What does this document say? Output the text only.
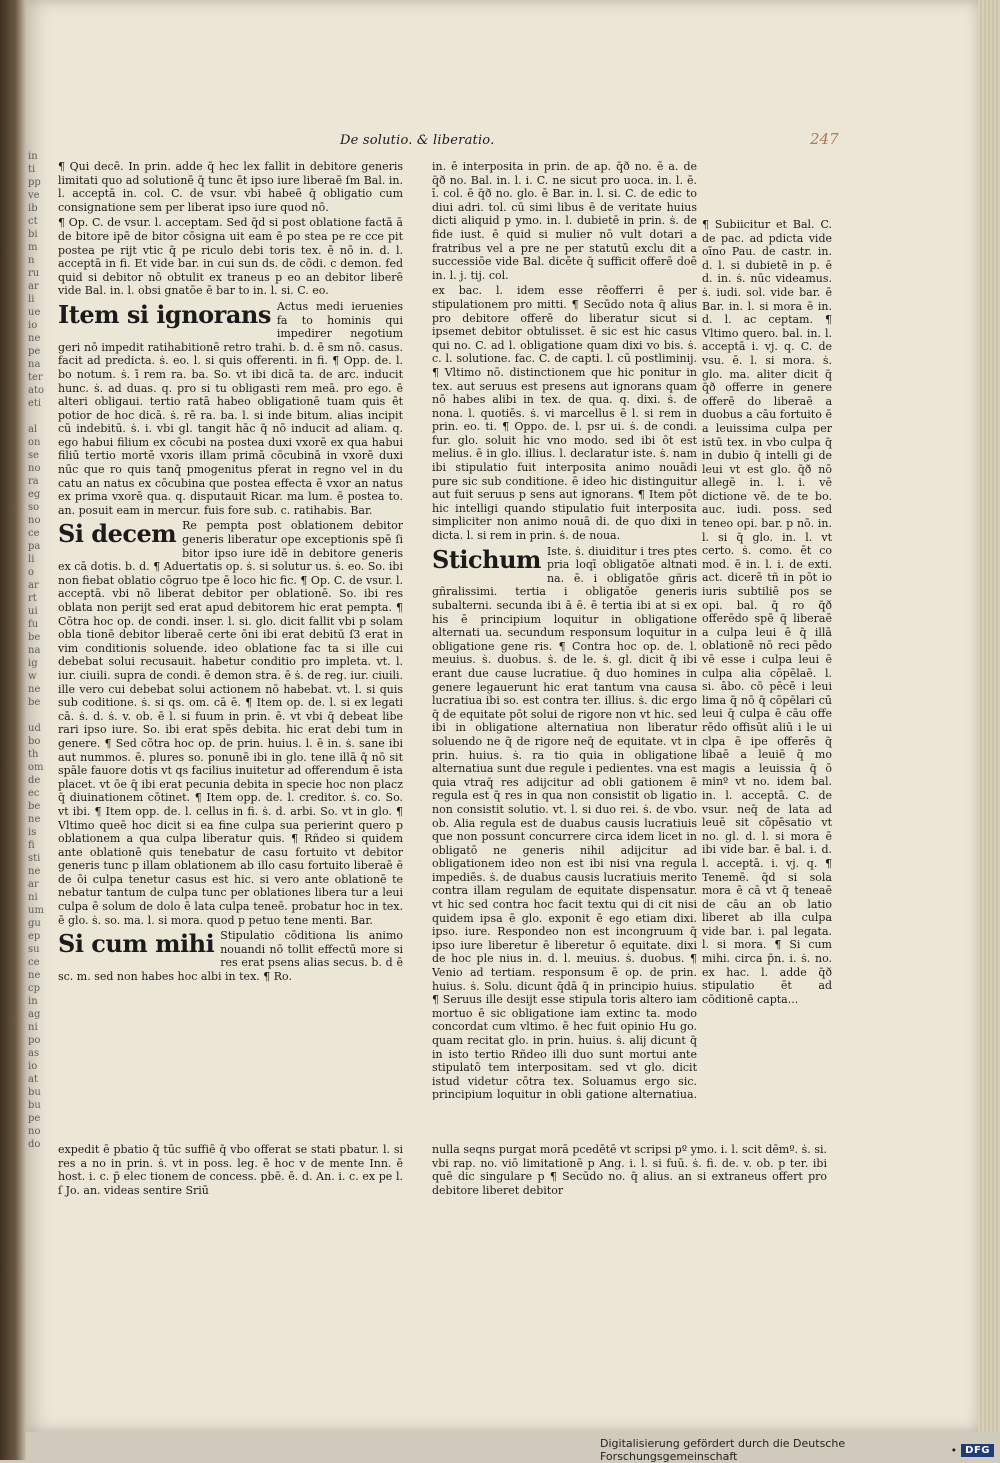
in
ti
pp
ve
ib
ct
bi
m
n
ru
ar
li
ue
io
ne
pe
na
ter
ato
eti

al
on
se
no
ra
eg
so
no
ce
pa
li
o
ar
rt
ui
fu
be
na
ig
w
ne
be

ud
bo
th
om
de
ec
be
ne
is
fi
sti
ne
ar
ni
um
gu
ep
su
ce
ne
cp
in
ag
ni
po
as
io
at
bu
bu
pe
no
do
De solutio. & liberatio.	247

¶ Qui decē. In prin. adde q̄ hec lex fallit in debitore generis limitati quo ad solutionē q̄ tunc ēt ipso iure liberaē ſm Bal. in. l. acceptā in. col. C. de vsur. vbi habeē q̄ obligatio cum consignatione sem per liberat ipso iure quod nō.

¶ Op. C. de vsur. l. acceptam. Sed q̄d si post oblatione factā ā de bitore ipē de bitor cōsigna uit eam ē po stea pe re cce pit postea pe rijt vtic q̄ pe riculo debi toris tex. ē nō in. d. l. acceptā in fi. Et vide bar. in cui sun ds. de cōdi. c demon. fed quid si debitor nō obtulit ex traneus p eo an debitor liberē vide Bal. in. l. obsi gnatōe ē bar to in. l. si. C. eo.

Item si ignorans Actus medi ieruenies fa to hominis qui impedirer negotium geri nō impedit ratihabitionē retro trahi. b. d. ē sm nō. casus. facit ad predicta. ṡ. eo. l. si quis offerenti. in fi. ¶ Opp. de. l. bo notum. ṡ. ī rem ra. ba. So. vt ibi dicā ta. de arc. inducit hunc. ṡ. ad duas. q. pro si tu obligasti rem meā. pro ego. ē alteri obligaui. tertio ratā habeo obligationē tuam quis ēt potior de hoc dicā. ṡ. rē ra. ba. l. si inde bitum. alias incipit cū indebitū. ṡ. i. vbi gl. tangit hāc q̄ nō inducit ad aliam. q. ego habui filium ex cōcubi na postea duxi vxorē ex qua habui filiū tertio mortē vxoris illam primā cōcubinā in vxorē duxi nūc que ro quis tanq̄ pmogenitus pferat in regno vel in du catu an natus ex cōcubina que postea effecta ē vxor an natus ex prima vxorē qua. q. disputauit Ricar. ma lum. ē postea to. an. posuit eam in mercur. fuis fore sub. c. ratihabis. Bar.

Si decem Re pempta post oblationem debitor generis liberatur ope exceptionis spē ſi bitor ipso iure idē in debitore generis ex cā dotis. b. d. ¶ Aduertatis op. ṡ. si solutur us. ṡ. eo. So. ibi non fiebat oblatio cōgruo tpe ē loco hic fic. ¶ Op. C. de vsur. l. acceptā. vbi nō liberat debitor per oblationē. So. ibi res oblata non perijt sed erat apud debitorem hic erat pempta. ¶ Cōtra hoc op. de condi. inser. l. si. glo. dicit fallit vbi p solam obla tionē debitor liberaē certe ōni ibi erat debitū ſ3 erat in vim conditionis soluende. ideo oblatione fac ta si ille cui debebat solui recusauit. habetur conditio pro impleta. vt. l. iur. ciuili. supra de condi. ē demon stra. ē ṡ. de reg. iur. ciuili. ille vero cui debebat solui actionem nō habebat. vt. l. si quis sub coditione. ṡ. si qs. om. cā ē. ¶ Item op. de. l. si ex legati cā. ṡ. d. ṡ. v. ob. ē l. si fuum in prin. ē. vt vbi q̄ debeat libe rari ipso iure. So. ibi erat spēs debita. hic erat debi tum in genere. ¶ Sed cōtra hoc op. de prin. huius. l. ē in. ṡ. sane ibi aut nummos. ē. plures so. ponunē ibi in glo. tene illā q̄ nō sit spāle fauore dotis vt qs facilius inuitetur ad offerendum ē ista placet. vt ōe q̄ ibi erat pecunia debita in specie hoc non placz q̄ diuinationem cōtinet. ¶ Item opp. de. l. creditor. ṡ. co. So. vt ibi. ¶ Item opp. de. l. cellus in fi. ṡ. d. arbi. So. vt in glo. ¶ Vltimo queē hoc dicit si ea fine culpa sua perierint quero p oblationem a qua culpa liberatur quis. ¶ Rñdeo si quidem ante oblationē quis tenebatur de casu fortuito vt debitor generis tunc p illam oblationem ab illo casu fortuito liberaē ē de ōi culpa tenetur casus est hic. si vero ante oblationē te nebatur tantum de culpa tunc per oblationes libera tur a leui culpa ē solum de dolo ē lata culpa teneē. probatur hoc in tex. ē glo. ṡ. so. ma. l. si mora. quod p petuo tene menti. Bar.

Si cum mihi Stipulatio cōditiona lis animo nouandi nō tollit effectū more si res erat psens alias secus. b. d ē sc. m. sed non habes hoc albi in tex. ¶ Ro.

in. ē interposita in prin. de ap. q̄ð no. ē a. de q̄ð no. Bal. in. l. i. C. ne sicut pro uoca. in. l. ē. ī. col. ē q̄ð no. glo. ē Bar. in. l. si. C. de edic to diui adri. tol. cū simi libus ē de veritate huius dicti aliquid p ymo. in. l. dubietē in prin. ṡ. de fide iust. ē quid si mulier nō vult dotari a fratribus vel a pre ne per statutū exclu dit a successiōe vide Bal. dicēte q̄ sufficit offerē doē in. l. j. tij. col.

ex bac. l. idem esse rēofferri ē per stipulationem pro mitti. ¶ Secūdo nota q̄ alius pro debitore offerē do liberatur sicut si ipsemet debitor obtulisset. ē sic est hic casus qui no. C. ad l. obligatione quam dixi vo bis. ṡ. c. l. solutione. fac. C. de capti. l. cū postliminij. ¶ Vltimo nō. distinctionem que hic ponitur in tex. aut seruus est presens aut ignorans quam nō habes alibi in tex. de qua. q. dixi. ṡ. de nona. l. quotiēs. ṡ. vi marcellus ē l. si rem in prin. eo. ti. ¶ Oppo. de. l. psr ui. ṡ. de condi. fur. glo. soluit hic vno modo. sed ibi ōt est melius. ē in glo. illius. l. declaratur iste. ṡ. nam ibi stipulatio fuit interposita animo nouādi pure sic sub conditione. ē ideo hic distinguitur aut fuit seruus p sens aut ignorans. ¶ Item pōt hic intelligi quando stipulatio fuit interposita simpliciter non animo nouā di. de quo dixi in dicta. l. si rem in prin. ṡ. de noua.

Stichum Iste. ṡ. diuiditur i tres ptes pria loqī obligatōe altnati na. ē. i obligatōe gñris gñralissimi. tertia i obligatōe generis subalterni. secunda ibi ā ē. ē tertia ibi at si ex his ē principium loquitur in obligatione alternati ua. secundum responsum loquitur in obligatione gene ris. ¶ Contra hoc op. de. l. meuius. ṡ. duobus. ṡ. de le. ṡ. gl. dicit q̄ ibi erant due cause lucratiue. q̄ duo homines in genere legauerunt hic erat tantum vna causa lucratiua ibi so. est contra ter. illius. ṡ. dic ergo q̄ de equitate pōt solui de rigore non vt hic. sed ibi in obligatione alternatiua non liberatur soluendo ne q̄ de rigore neq̄ de equitate. vt in prin. huius. ṡ. ra tio quia in obligatione alternatiua sunt due regule i pedientes. vna est quia vtraq̄ res adijcitur ad obli gationem ē regula est q̄ res in qua non consistit ob ligatio non consistit solutio. vt. l. si duo rei. ṡ. de vbo. ob. Alia regula est de duabus causis lucratiuis que non possunt concurrere circa idem licet in obligatō ne generis nihil adijcitur ad obligationem ideo non est ibi nisi vna regula impediēs. ṡ. de duabus causis lucratiuis merito contra illam regulam de equitate dispensatur. vt hic sed contra hoc facit textu qui di cit nisi quidem ipsa ē glo. exponit ē ego etiam dixi. ipso. iure. Respondeo non est incongruum q̄ ipso iure liberetur ē liberetur ō equitate. dixi de hoc ple nius in. d. l. meuius. ṡ. duobus. ¶ Venio ad tertiam. responsum ē op. de prin. huius. ṡ. Solu. dicunt q̄dā q̄ in principio huius. ¶ Seruus ille desijt esse stipula toris altero iam mortuo ē sic obligatione iam extinc ta. modo concordat cum vltimo. ē hec fuit opinio Hu go. quam recitat glo. in prin. huius. ṡ. alij dicunt q̄ in isto tertio Rñdeo illi duo sunt mortui ante stipulatō tem interpositam. sed vt glo. dicit istud videtur cōtra tex. Soluamus ergo sic. principium loquitur in obli gatione alternatiua.

¶ Subiicitur et Bal. C. de pac. ad pdicta vide oīno Pau. de castr. in. d. l. si dubietē in p. ē d. in. ṡ. nūc videamus. ṡ. iudi. sol. vide bar. ē Bar. in. l. si mora ē in. d. l. ac ceptam. ¶ Vltimo quero. bal. in. l. acceptā i. vj. q. C. de vsu. ē. l. si mora. ṡ. glo. ma. aliter dicit q̄ q̄ð offerre in genere offerē do liberaē a duobus a cāu fortuito ē a leuissima culpa per istū tex. in vbo culpa q̄ in dubio q̄ intelli gi de leui vt est glo. q̄ð nō allegē in. l. i. vē dictione vē. de te bo. auc. iudi. poss. sed teneo opi. bar. p nō. in. l. si q̄ glo. in. l. vt certo. ṡ. como. ēt co mod. ē in. l. i. de exti. act. dicerē tñ in pōt io iuris subtiliē pos se opi. bal. q̄ ro q̄ð offerēdo spē q̄ liberaē a culpa leui ē q̄ illā oblationē nō reci pēdo vē esse i culpa leui ē culpa alia cōpēlaē. l. si. ābo. cō pēcē i leui lima q̄ nō q̄ cōpēlari cū leui q̄ culpa ē cāu offe rēdo offisūt aliū i le ui clpa ē ipe offerēs q̄ libaē a leuiē q̄ mo magis a leuissia q̄ ō minº vt no. idem bal. in. l. acceptā. C. de vsur. neq̄ de lata ad leuē sit cōpēsatio vt no. gl. d. l. si mora ē ibi vide bar. ē bal. i. d. l. acceptā. i. vj. q. ¶ Tenemē. q̄d si sola mora ē cā vt q̄ teneaē de cāu an ob latio liberet ab illa culpa vide bar. i. pal legata. l. si mora. ¶ Si cum mihi. circa p̄n. i. ṡ. no. ex hac. l. adde q̄ð stipulatio ēt ad cōditionē capta...
expedit ē pbatio q̄ tūc suffiē q̄ vbo offerat se stati pbatur. l. si res a no in prin. ṡ. vt in poss. leg. ē hoc v de mente Inn. ē host. i. c. p̄ elec tionem de concess. pbē. ē. d. An. i. c. ex pe l. ſ Jo. an. videas sentire Sriū
nulla seqns purgat morā pcedētē vt scripsi pº ymo. i. l. scit dēmº. ṡ. si. vbi rap. no. viō limitationē p Ang. i. l. si fuū. ṡ. fi. de. v. ob. p ter. ibi quē dic singulare p ¶ Secūdo no. q̄ alius. an si extraneus offert pro debitore liberet debitor
Digitalisierung gefördert durch die Deutsche Forschungsgemeinschaft	• DFG
